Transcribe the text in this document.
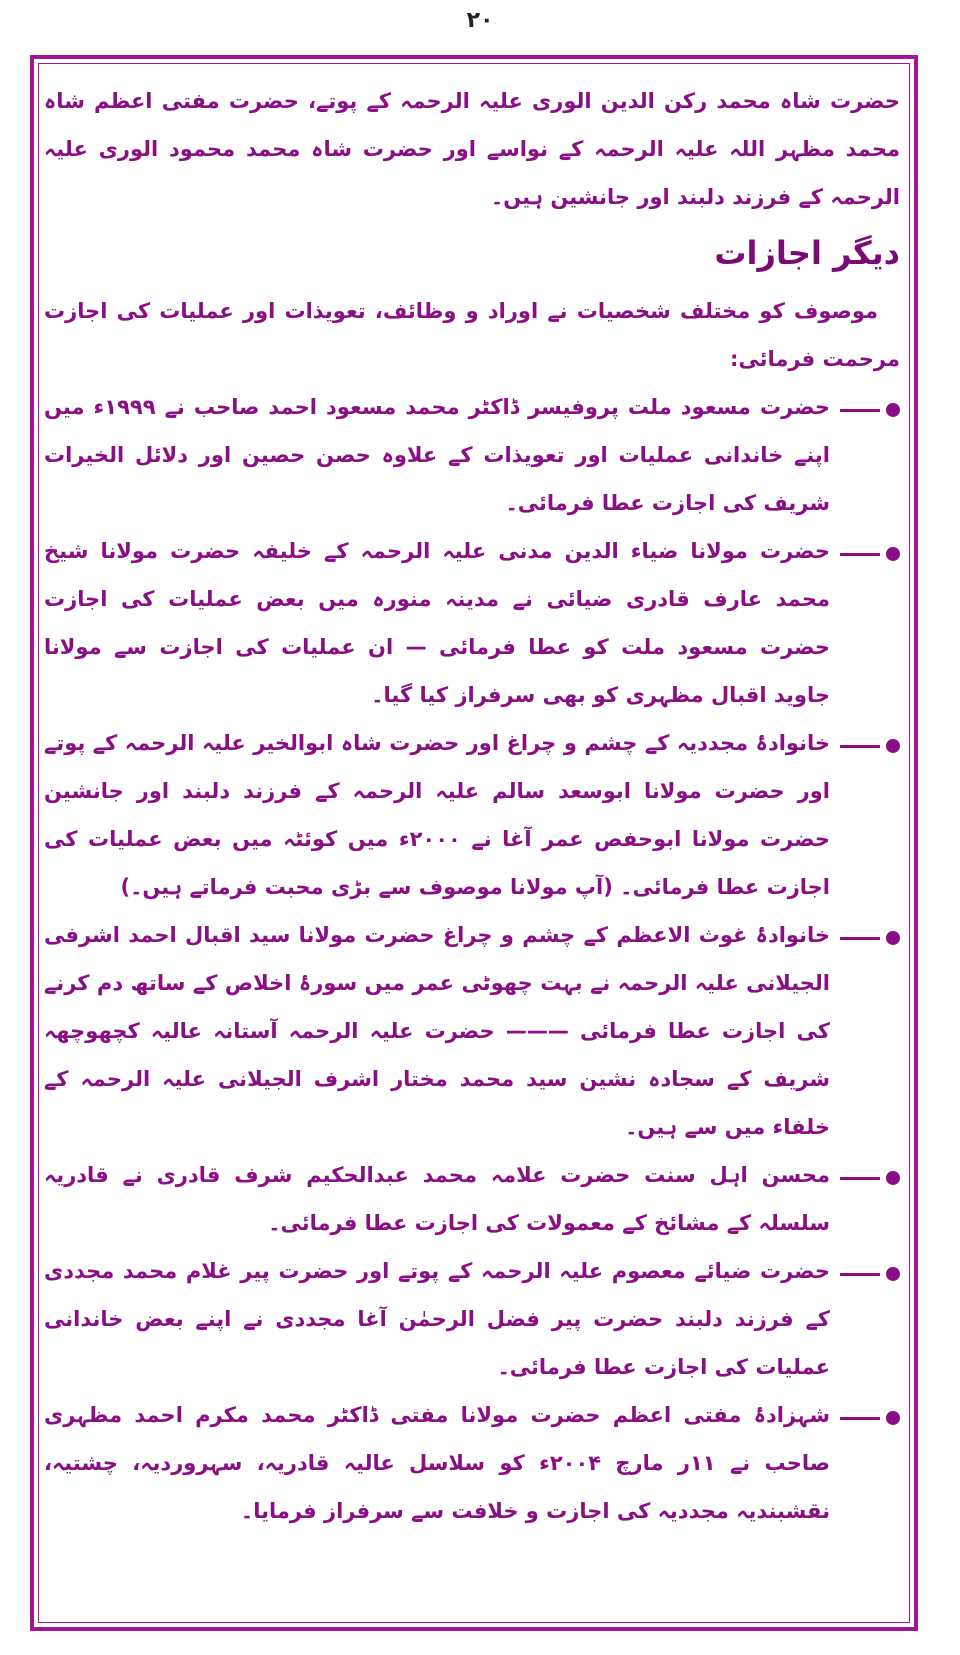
۲۰

حضرت شاہ محمد رکن الدین الوری علیہ الرحمہ کے پوتے، حضرت مفتی اعظم شاہ محمد مظہر اللہ علیہ الرحمہ کے نواسے اور حضرت شاہ محمد محمود الوری علیہ الرحمہ کے فرزند دلبند اور جانشین ہیں۔

دیگر اجازات

موصوف کو مختلف شخصیات نے اوراد و وظائف، تعویذات اور عملیات کی اجازت مرحمت فرمائی:

حضرت مسعود ملت پروفیسر ڈاکٹر محمد مسعود احمد صاحب نے ۱۹۹۹ء میں اپنے خاندانی عملیات اور تعویذات کے علاوہ حصن حصین اور دلائل الخیرات شریف کی اجازت عطا فرمائی۔

حضرت مولانا ضیاء الدین مدنی علیہ الرحمہ کے خلیفہ حضرت مولانا شیخ محمد عارف قادری ضیائی نے مدینہ منورہ میں بعض عملیات کی اجازت حضرت مسعود ملت کو عطا فرمائی — ان عملیات کی اجازت سے مولانا جاوید اقبال مظہری کو بھی سرفراز کیا گیا۔

خانوادۂ مجددیہ کے چشم و چراغ اور حضرت شاہ ابوالخیر علیہ الرحمہ کے پوتے اور حضرت مولانا ابوسعد سالم علیہ الرحمہ کے فرزند دلبند اور جانشین حضرت مولانا ابوحفص عمر آغا نے ۲۰۰۰ء میں کوئٹہ میں بعض عملیات کی اجازت عطا فرمائی۔ (آپ مولانا موصوف سے بڑی محبت فرماتے ہیں۔)

خانوادۂ غوث الاعظم کے چشم و چراغ حضرت مولانا سید اقبال احمد اشرفی الجیلانی علیہ الرحمہ نے بہت چھوٹی عمر میں سورۂ اخلاص کے ساتھ دم کرنے کی اجازت عطا فرمائی ——— حضرت علیہ الرحمہ آستانہ عالیہ کچھوچھہ شریف کے سجادہ نشین سید محمد مختار اشرف الجیلانی علیہ الرحمہ کے خلفاء میں سے ہیں۔

محسن اہل سنت حضرت علامہ محمد عبدالحکیم شرف قادری نے قادریہ سلسلہ کے مشائخ کے معمولات کی اجازت عطا فرمائی۔

حضرت ضیائے معصوم علیہ الرحمہ کے پوتے اور حضرت پیر غلام محمد مجددی کے فرزند دلبند حضرت پیر فضل الرحمٰن آغا مجددی نے اپنے بعض خاندانی عملیات کی اجازت عطا فرمائی۔

شہزادۂ مفتی اعظم حضرت مولانا مفتی ڈاکٹر محمد مکرم احمد مظہری صاحب نے ۱۱ر مارچ ۲۰۰۴ء کو سلاسل عالیہ قادریہ، سہروردیہ، چشتیہ، نقشبندیہ مجددیہ کی اجازت و خلافت سے سرفراز فرمایا۔
